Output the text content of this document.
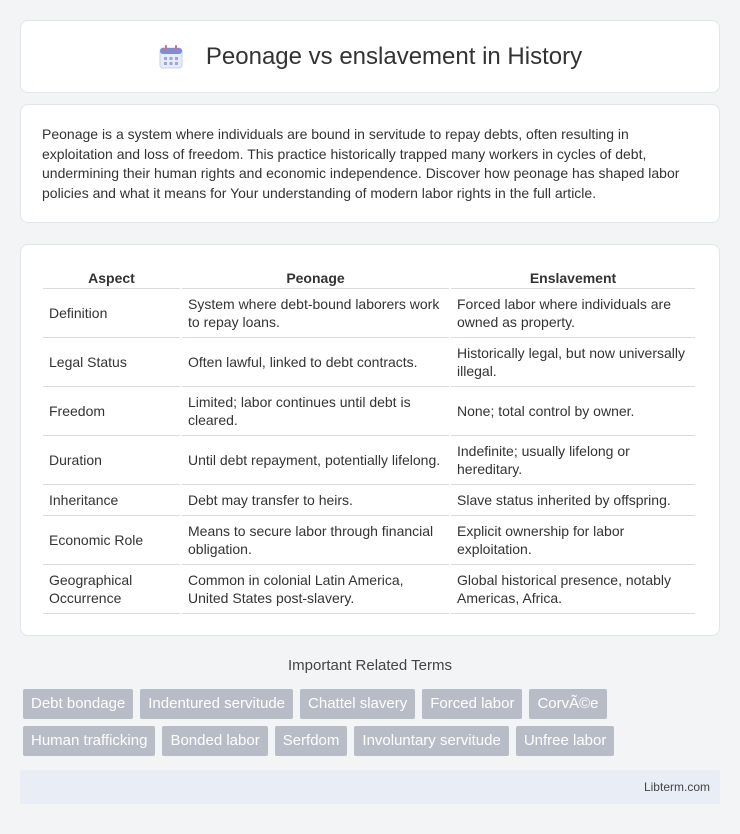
Peonage vs enslavement in History

Peonage is a system where individuals are bound in servitude to repay debts, often resulting in exploitation and loss of freedom. This practice historically trapped many workers in cycles of debt, undermining their human rights and economic independence. Discover how peonage has shaped labor policies and what it means for Your understanding of modern labor rights in the full article.

Aspect	Peonage	Enslavement
Definition	System where debt-bound laborers work to repay loans.	Forced labor where individuals are owned as property.
Legal Status	Often lawful, linked to debt contracts.	Historically legal, but now universally illegal.
Freedom	Limited; labor continues until debt is cleared.	None; total control by owner.
Duration	Until debt repayment, potentially lifelong.	Indefinite; usually lifelong or hereditary.
Inheritance	Debt may transfer to heirs.	Slave status inherited by offspring.
Economic Role	Means to secure labor through financial obligation.	Explicit ownership for labor exploitation.
Geographical Occurrence	Common in colonial Latin America, United States post-slavery.	Global historical presence, notably Americas, Africa.
Important Related Terms
Debt bondage	Indentured servitude	Chattel slavery	Forced labor	CorvÃ©e
Human trafficking	Bonded labor	Serfdom	Involuntary servitude	Unfree labor
Libterm.com
